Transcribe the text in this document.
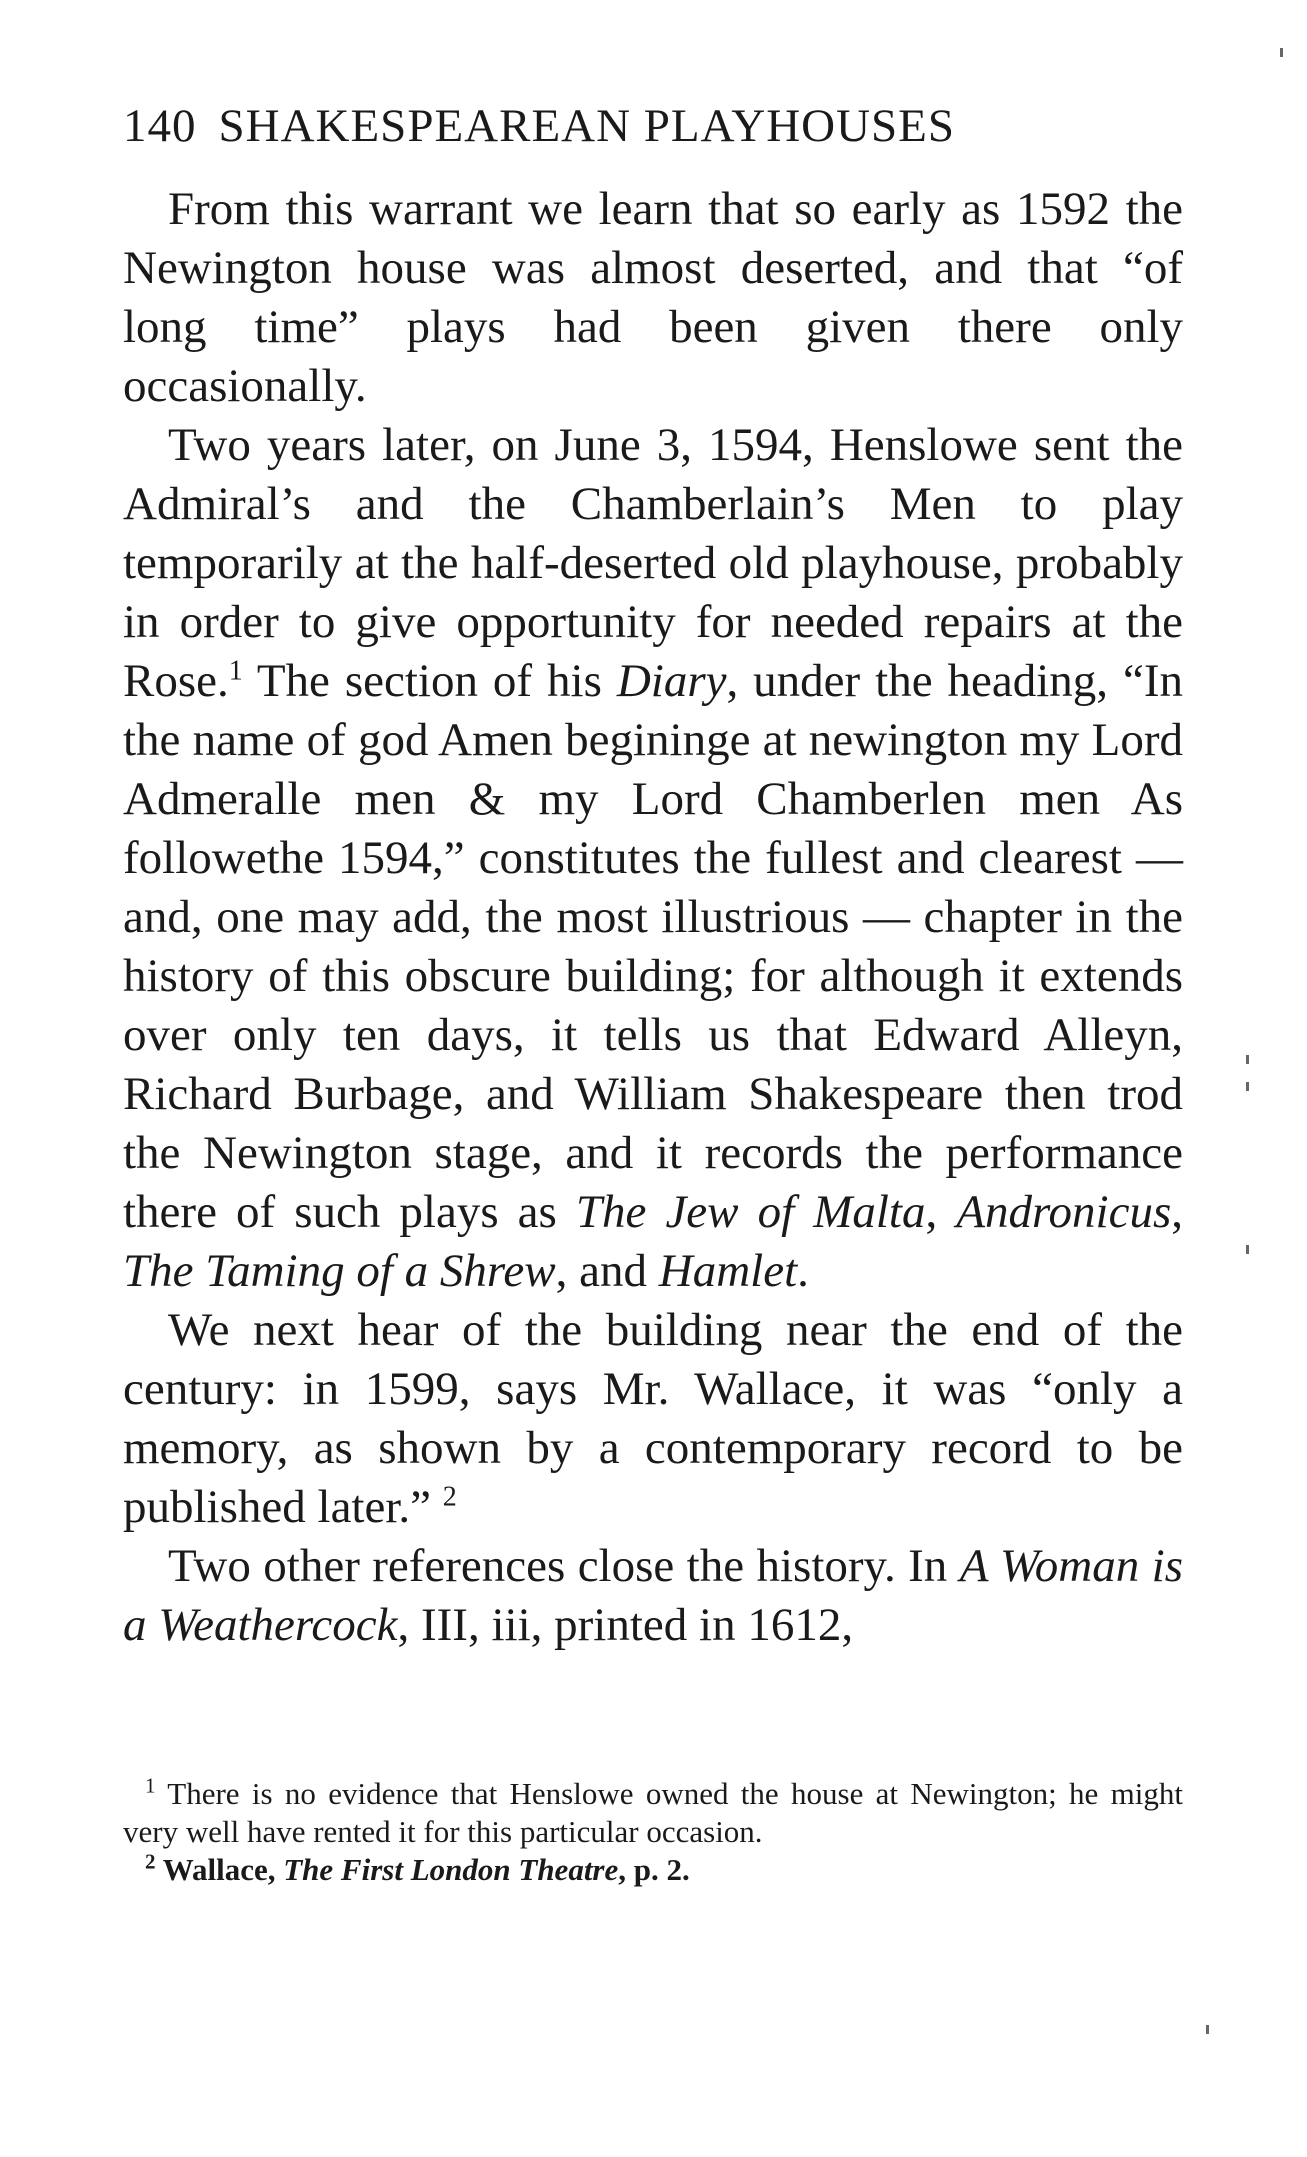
140 SHAKESPEAREAN PLAYHOUSES

From this warrant we learn that so early as 1592 the Newington house was almost deserted, and that “of long time” plays had been given there only occasionally.

Two years later, on June 3, 1594, Henslowe sent the Admiral’s and the Chamberlain’s Men to play temporarily at the half-deserted old playhouse, probably in order to give opportunity for needed repairs at the Rose.$^1$ The section of his Diary, under the heading, “In the name of god Amen begininge at newington my Lord Admeralle men & my Lord Chamberlen men As followethe 1594,” constitutes the fullest and clearest — and, one may add, the most illustrious — chapter in the history of this obscure building; for although it extends over only ten days, it tells us that Edward Alleyn, Richard Burbage, and William Shakespeare then trod the Newington stage, and it records the performance there of such plays as The Jew of Malta, Andronicus, The Taming of a Shrew, and Hamlet.

We next hear of the building near the end of the century: in 1599, says Mr. Wallace, it was “only a memory, as shown by a contemporary record to be published later.” $^2$

Two other references close the history. In A Woman is a Weathercock, III, iii, printed in 1612,

$^1$ There is no evidence that Henslowe owned the house at Newington; he might very well have rented it for this particular occasion.

$^2$ Wallace, The First London Theatre, p. 2.
